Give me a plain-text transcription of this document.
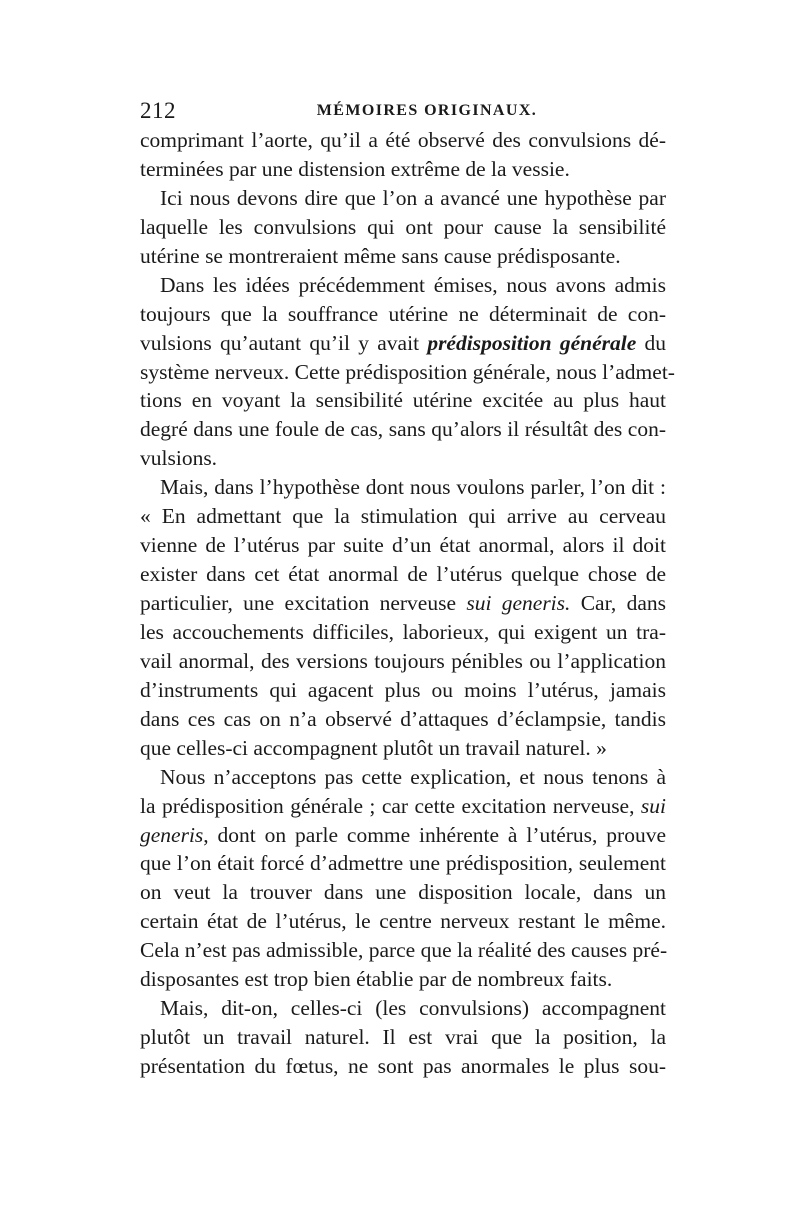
212	MÉMOIRES ORIGINAUX.
comprimant l’aorte, qu’il a été observé des convulsions dé-
terminées par une distension extrême de la vessie.
Ici nous devons dire que l’on a avancé une hypothèse par
laquelle les convulsions qui ont pour cause la sensibilité
utérine se montreraient même sans cause prédisposante.
Dans les idées précédemment émises, nous avons admis
toujours que la souffrance utérine ne déterminait de con-
vulsions qu’autant qu’il y avait prédisposition générale du
système nerveux. Cette prédisposition générale, nous l’admet-
tions en voyant la sensibilité utérine excitée au plus haut
degré dans une foule de cas, sans qu’alors il résultât des con-
vulsions.
Mais, dans l’hypothèse dont nous voulons parler, l’on dit :
« En admettant que la stimulation qui arrive au cerveau
vienne de l’utérus par suite d’un état anormal, alors il doit
exister dans cet état anormal de l’utérus quelque chose de
particulier, une excitation nerveuse sui generis. Car, dans
les accouchements difficiles, laborieux, qui exigent un tra-
vail anormal, des versions toujours pénibles ou l’application
d’instruments qui agacent plus ou moins l’utérus, jamais
dans ces cas on n’a observé d’attaques d’éclampsie, tandis
que celles-ci accompagnent plutôt un travail naturel. »
Nous n’acceptons pas cette explication, et nous tenons à
la prédisposition générale ; car cette excitation nerveuse, sui
generis, dont on parle comme inhérente à l’utérus, prouve
que l’on était forcé d’admettre une prédisposition, seulement
on veut la trouver dans une disposition locale, dans un
certain état de l’utérus, le centre nerveux restant le même.
Cela n’est pas admissible, parce que la réalité des causes pré-
disposantes est trop bien établie par de nombreux faits.
Mais, dit-on, celles-ci (les convulsions) accompagnent
plutôt un travail naturel. Il est vrai que la position, la
présentation du fœtus, ne sont pas anormales le plus sou-
